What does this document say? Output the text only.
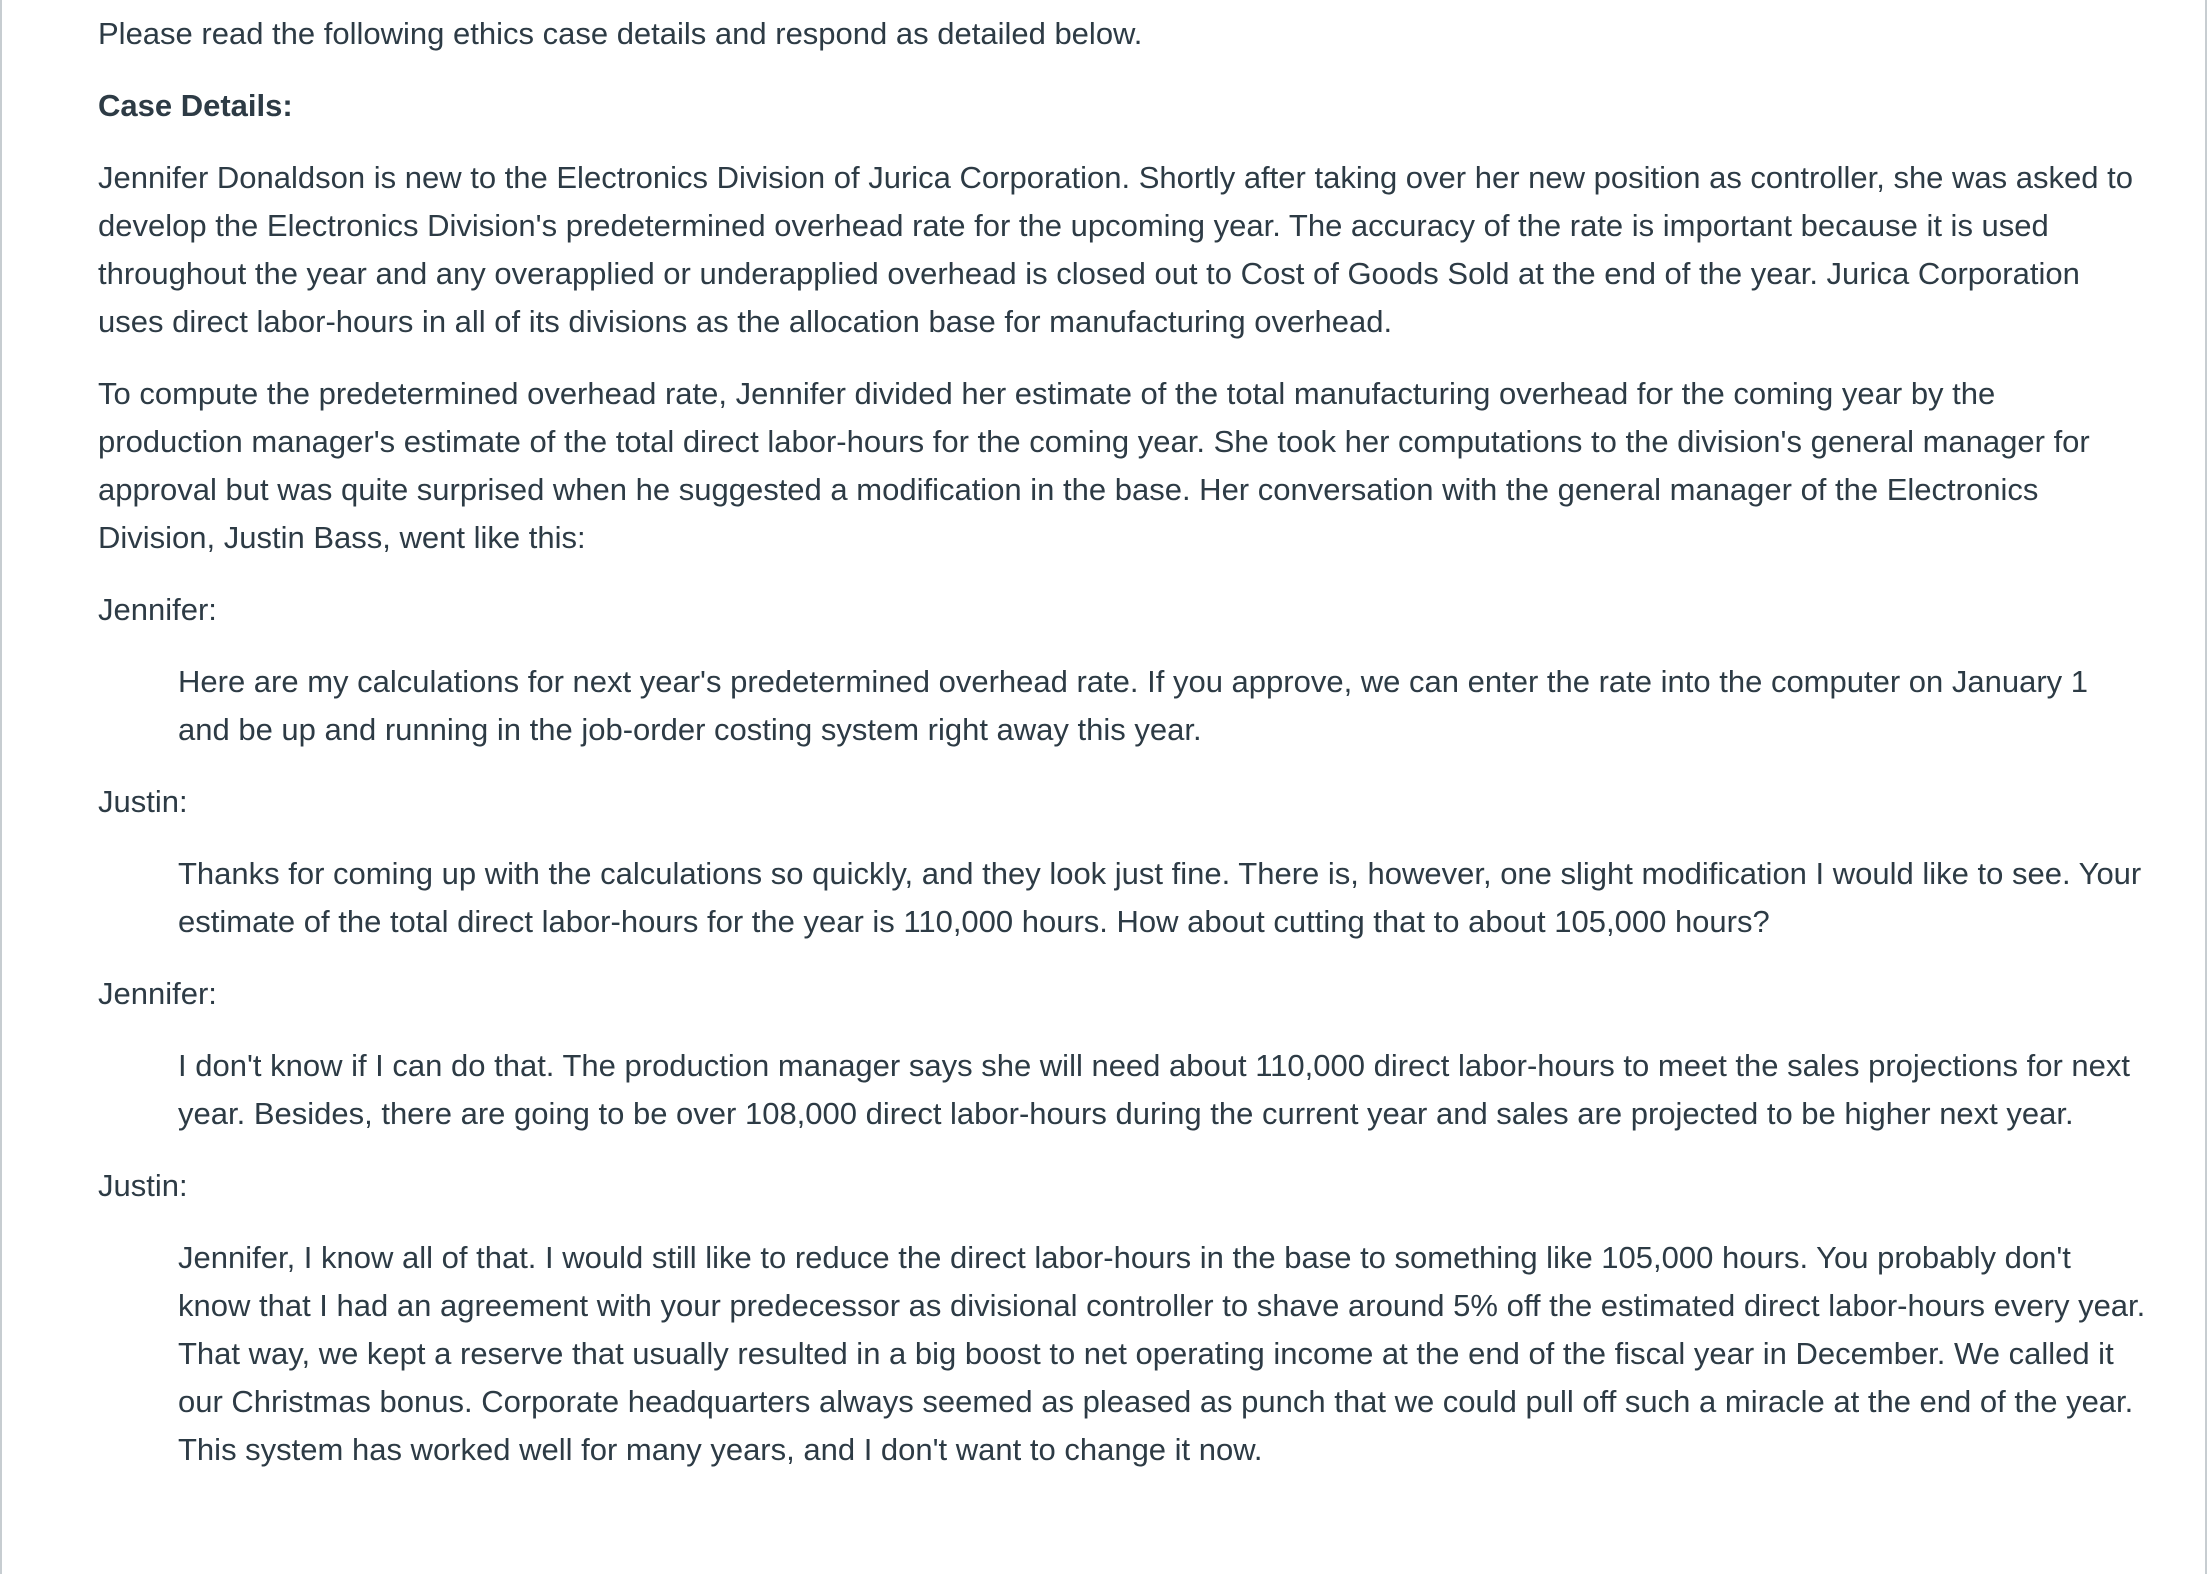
Please read the following ethics case details and respond as detailed below.

Case Details:

Jennifer Donaldson is new to the Electronics Division of Jurica Corporation. Shortly after taking over her new position as controller, she was asked to develop the Electronics Division's predetermined overhead rate for the upcoming year. The accuracy of the rate is important because it is used throughout the year and any overapplied or underapplied overhead is closed out to Cost of Goods Sold at the end of the year. Jurica Corporation uses direct labor-hours in all of its divisions as the allocation base for manufacturing overhead.

To compute the predetermined overhead rate, Jennifer divided her estimate of the total manufacturing overhead for the coming year by the production manager's estimate of the total direct labor-hours for the coming year. She took her computations to the division's general manager for approval but was quite surprised when he suggested a modification in the base. Her conversation with the general manager of the Electronics Division, Justin Bass, went like this:

Jennifer:

Here are my calculations for next year's predetermined overhead rate. If you approve, we can enter the rate into the computer on January 1 and be up and running in the job-order costing system right away this year.

Justin:

Thanks for coming up with the calculations so quickly, and they look just fine. There is, however, one slight modification I would like to see. Your estimate of the total direct labor-hours for the year is 110,000 hours. How about cutting that to about 105,000 hours?

Jennifer:

I don't know if I can do that. The production manager says she will need about 110,000 direct labor-hours to meet the sales projections for next year. Besides, there are going to be over 108,000 direct labor-hours during the current year and sales are projected to be higher next year.

Justin:

Jennifer, I know all of that. I would still like to reduce the direct labor-hours in the base to something like 105,000 hours. You probably don't know that I had an agreement with your predecessor as divisional controller to shave around 5% off the estimated direct labor-hours every year. That way, we kept a reserve that usually resulted in a big boost to net operating income at the end of the fiscal year in December. We called it our Christmas bonus. Corporate headquarters always seemed as pleased as punch that we could pull off such a miracle at the end of the year. This system has worked well for many years, and I don't want to change it now.
